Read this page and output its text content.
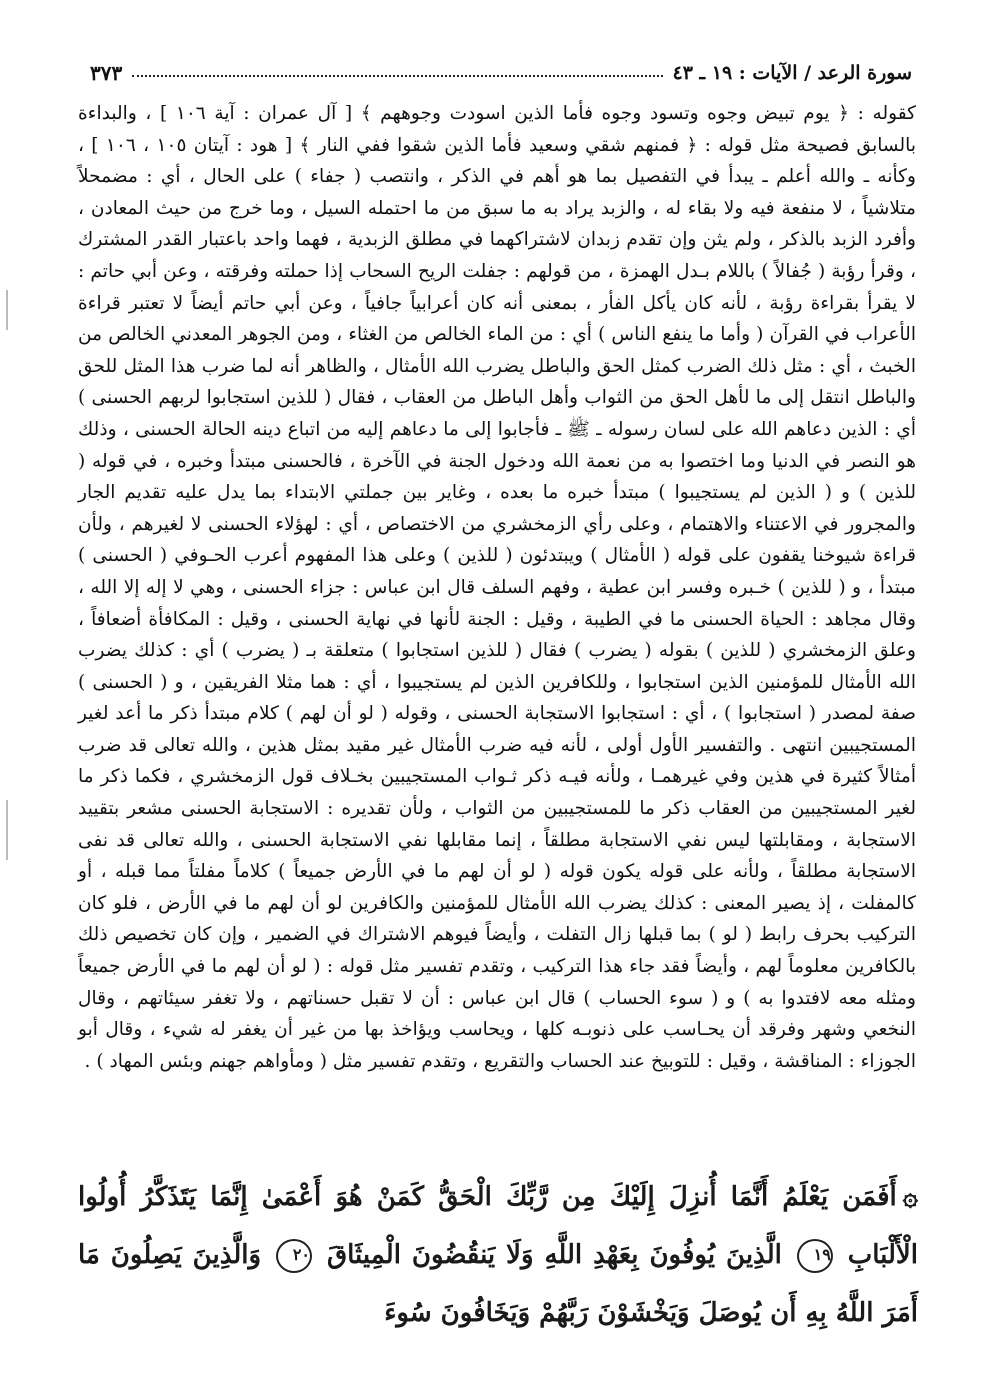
سورة الرعد / الآيات : ١٩ ـ ٤٣
٣٧٣

كقوله : ﴿ يوم تبيض وجوه وتسود وجوه فأما الذين اسودت وجوههم ﴾ [ آل عمران : آية ١٠٦ ] ، والبداءة بالسابق فصيحة مثل قوله : ﴿ فمنهم شقي وسعيد فأما الذين شقوا ففي النار ﴾ [ هود : آيتان ١٠٥ ، ١٠٦ ] ، وكأنه ـ والله أعلم ـ يبدأ في التفصيل بما هو أهم في الذكر ، وانتصب ( جفاء ) على الحال ، أي : مضمحلاً متلاشياً ، لا منفعة فيه ولا بقاء له ، والزبد يراد به ما سبق من ما احتمله السيل ، وما خرج من حيث المعادن ، وأفرد الزبد بالذكر ، ولم يثن وإن تقدم زبدان لاشتراكهما في مطلق الزبدية ، فهما واحد باعتبار القدر المشترك ، وقرأ رؤبة ( جُفالاً ) باللام بـدل الهمزة ، من قولهم : جفلت الريح السحاب إذا حملته وفرقته ، وعن أبي حاتم : لا يقرأ بقراءة رؤبة ، لأنه كان يأكل الفأر ، بمعنى أنه كان أعرابياً جافياً ، وعن أبي حاتم أيضاً لا تعتبر قراءة الأعراب في القرآن ( وأما ما ينفع الناس ) أي : من الماء الخالص من الغثاء ، ومن الجوهر المعدني الخالص من الخبث ، أي : مثل ذلك الضرب كمثل الحق والباطل يضرب الله الأمثال ، والظاهر أنه لما ضرب هذا المثل للحق والباطل انتقل إلى ما لأهل الحق من الثواب وأهل الباطل من العقاب ، فقال ( للذين استجابوا لربهم الحسنى ) أي : الذين دعاهم الله على لسان رسوله ـ ﷺ ـ فأجابوا إلى ما دعاهم إليه من اتباع دينه الحالة الحسنى ، وذلك هو النصر في الدنيا وما اختصوا به من نعمة الله ودخول الجنة في الآخرة ، فالحسنى مبتدأ وخبره ، في قوله ( للذين ) و ( الذين لم يستجيبوا ) مبتدأ خبره ما بعده ، وغاير بين جملتي الابتداء بما يدل عليه تقديم الجار والمجرور في الاعتناء والاهتمام ، وعلى رأي الزمخشري من الاختصاص ، أي : لهؤلاء الحسنى لا لغيرهم ، ولأن قراءة شيوخنا يقفون على قوله ( الأمثال ) ويبتدئون ( للذين ) وعلى هذا المفهوم أعرب الحـوفي ( الحسنى ) مبتدأ ، و ( للذين ) خـبره وفسر ابن عطية ، وفهم السلف قال ابن عباس : جزاء الحسنى ، وهي لا إله إلا الله ، وقال مجاهد : الحياة الحسنى ما في الطيبة ، وقيل : الجنة لأنها في نهاية الحسنى ، وقيل : المكافأة أضعافاً ، وعلق الزمخشري ( للذين ) بقوله ( يضرب ) فقال ( للذين استجابوا ) متعلقة بـ ( يضرب ) أي : كذلك يضرب الله الأمثال للمؤمنين الذين استجابوا ، وللكافرين الذين لم يستجيبوا ، أي : هما مثلا الفريقين ، و ( الحسنى ) صفة لمصدر ( استجابوا ) ، أي : استجابوا الاستجابة الحسنى ، وقوله ( لو أن لهم ) كلام مبتدأ ذكر ما أعد لغير المستجيبين انتهى . والتفسير الأول أولى ، لأنه فيه ضرب الأمثال غير مقيد بمثل هذين ، والله تعالى قد ضرب أمثالاً كثيرة في هذين وفي غيرهمـا ، ولأنه فيـه ذكر ثـواب المستجيبين بخـلاف قول الزمخشري ، فكما ذكر ما لغير المستجيبين من العقاب ذكر ما للمستجيبين من الثواب ، ولأن تقديره : الاستجابة الحسنى مشعر بتقييد الاستجابة ، ومقابلتها ليس نفي الاستجابة مطلقاً ، إنما مقابلها نفي الاستجابة الحسنى ، والله تعالى قد نفى الاستجابة مطلقاً ، ولأنه على قوله يكون قوله ( لو أن لهم ما في الأرض جميعاً ) كلاماً مفلتاً مما قبله ، أو كالمفلت ، إذ يصير المعنى : كذلك يضرب الله الأمثال للمؤمنين والكافرين لو أن لهم ما في الأرض ، فلو كان التركيب بحرف رابط ( لو ) بما قبلها زال التفلت ، وأيضاً فيوهم الاشتراك في الضمير ، وإن كان تخصيص ذلك بالكافرين معلوماً لهم ، وأيضاً فقد جاء هذا التركيب ، وتقدم تفسير مثل قوله : ( لو أن لهم ما في الأرض جميعاً ومثله معه لافتدوا به ) و ( سوء الحساب ) قال ابن عباس : أن لا تقبل حسناتهم ، ولا تغفر سيئاتهم ، وقال النخعي وشهر وفرقد أن يحـاسب على ذنوبـه كلها ، ويحاسب ويؤاخذ بها من غير أن يغفر له شيء ، وقال أبو الجوزاء : المناقشة ، وقيل : للتوبيخ عند الحساب والتقريع ، وتقدم تفسير مثل ( ومأواهم جهنم وبئس المهاد ) .

۞أَفَمَن يَعْلَمُ أَنَّمَا أُنزِلَ إِلَيْكَ مِن رَّبِّكَ الْحَقُّ كَمَنْ هُوَ أَعْمَىٰ إِنَّمَا يَتَذَكَّرُ أُولُوا الْأَلْبَابِ ١٩ الَّذِينَ يُوفُونَ بِعَهْدِ اللَّهِ وَلَا يَنقُضُونَ الْمِيثَاقَ ٢٠ وَالَّذِينَ يَصِلُونَ مَا أَمَرَ اللَّهُ بِهِ أَن يُوصَلَ وَيَخْشَوْنَ رَبَّهُمْ وَيَخَافُونَ سُوءَ
